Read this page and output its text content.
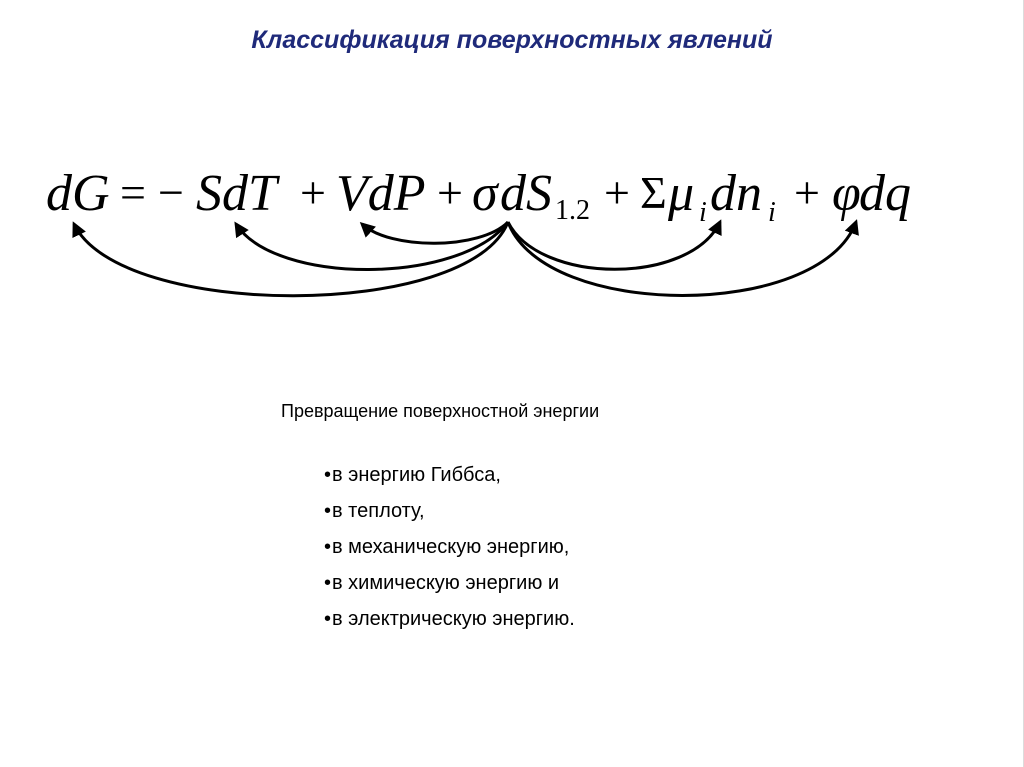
Классификация поверхностных явлений
dG = − SdT + VdP + σ dS 1.2 + Σ μ i dn i + φ
dq
Превращение поверхностной энергии
•в энергию Гиббса,
•в теплоту,
•в механическую энергию,
•в химическую энергию и
•в электрическую энергию.
